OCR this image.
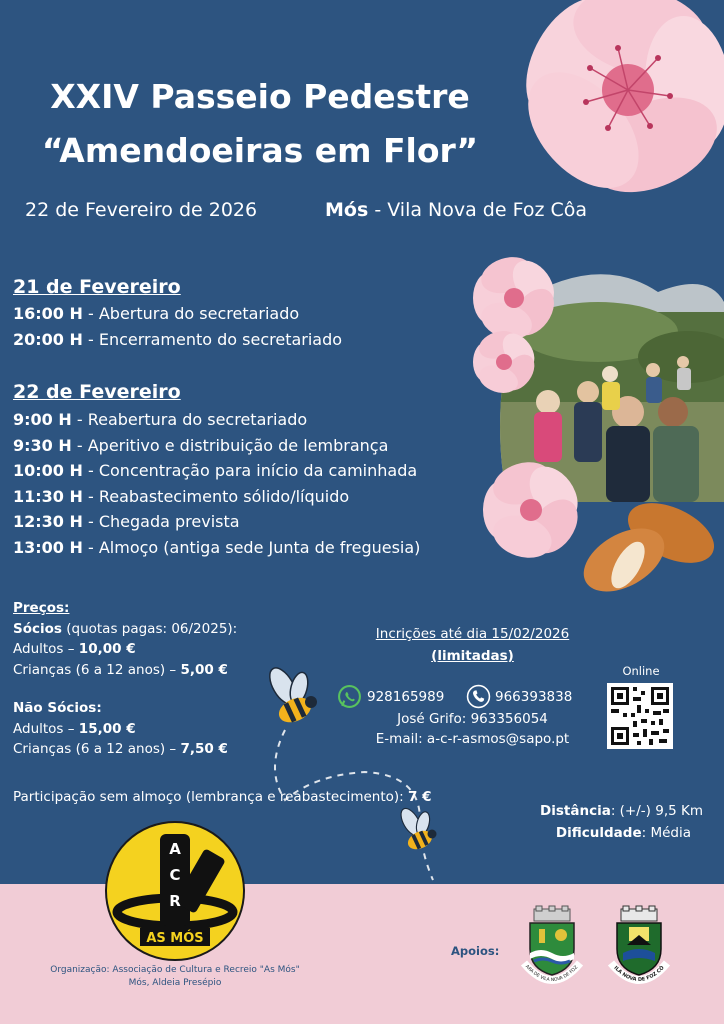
XXIV Passeio Pedestre
“Amendoeiras em Flor”
22 de Fevereiro de 2026	Mós - Vila Nova de Foz Côa
21 de Fevereiro
16:00 H - Abertura do secretariado
20:00 H - Encerramento do secretariado
22 de Fevereiro
9:00 H - Reabertura do secretariado
9:30 H - Aperitivo e distribuição de lembrança
10:00 H - Concentração para início da caminhada
11:30 H - Reabastecimento sólido/líquido
12:30 H - Chegada prevista
13:00 H - Almoço (antiga sede Junta de freguesia)
Preços:
Sócios (quotas pagas: 06/2025):
Adultos – 10,00 €
Crianças (6 a 12 anos) – 5,00 €
Não Sócios:
Adultos – 15,00 €
Crianças (6 a 12 anos) – 7,50 €
Participação sem almoço (lembrança e reabastecimento): 7 €
Incrições até dia 15/02/2026
(limitadas)
Online
928165989	966393838
José Grifo: 963356054
E-mail: a-c-r-asmos@sapo.pt
Distância: (+/-) 9,5 Km
Dificuldade: Média
A
C
R
AS MÓS
Organização: Associação de Cultura e Recreio "As Mós"
Mós, Aldeia Presépio
Apoios:
ARA DE VILA NOVA DE FOZ	ILA NOVA DE FOZ CÔ
